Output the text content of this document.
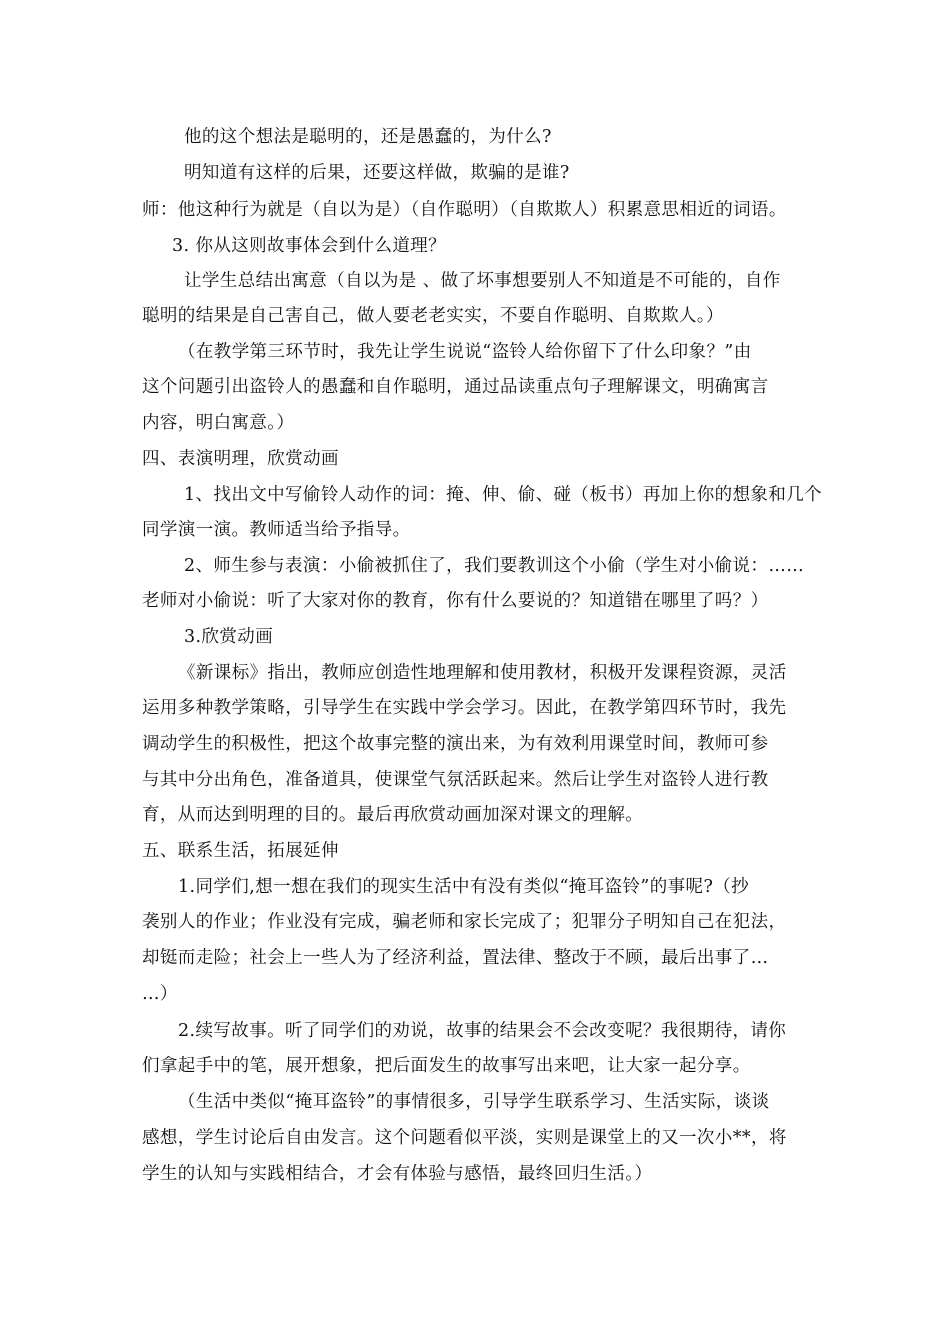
他的这个想法是聪明的，还是愚蠢的，为什么?
明知道有这样的后果，还要这样做，欺骗的是谁?
师：他这种行为就是（自以为是）（自作聪明）（自欺欺人）积累意思相近的词语。
3. 你从这则故事体会到什么道理？
让学生总结出寓意（自以为是 、做了坏事想要别人不知道是不可能的，自作
聪明的结果是自己害自己，做人要老老实实，不要自作聪明、自欺欺人。）
（在教学第三环节时，我先让学生说说“盗铃人给你留下了什么印象？”由
这个问题引出盗铃人的愚蠢和自作聪明，通过品读重点句子理解课文，明确寓言
内容，明白寓意。）
四、表演明理，欣赏动画
1、找出文中写偷铃人动作的词：掩、伸、偷、碰（板书）再加上你的想象和几个
同学演一演。教师适当给予指导。
2、师生参与表演：小偷被抓住了，我们要教训这个小偷（学生对小偷说：……
老师对小偷说：听了大家对你的教育，你有什么要说的？知道错在哪里了吗？）
3.欣赏动画
《新课标》指出，教师应创造性地理解和使用教材，积极开发课程资源，灵活
运用多种教学策略，引导学生在实践中学会学习。因此，在教学第四环节时，我先
调动学生的积极性，把这个故事完整的演出来，为有效利用课堂时间，教师可参
与其中分出角色，准备道具，使课堂气氛活跃起来。然后让学生对盗铃人进行教
育，从而达到明理的目的。最后再欣赏动画加深对课文的理解。
五、联系生活，拓展延伸
1.同学们,想一想在我们的现实生活中有没有类似“掩耳盗铃”的事呢?（抄
袭别人的作业；作业没有完成，骗老师和家长完成了；犯罪分子明知自己在犯法，
却铤而走险；社会上一些人为了经济利益，置法律、整改于不顾，最后出事了…
…）
2.续写故事。听了同学们的劝说，故事的结果会不会改变呢？我很期待，请你
们拿起手中的笔，展开想象，把后面发生的故事写出来吧，让大家一起分享。
（生活中类似“掩耳盗铃”的事情很多，引导学生联系学习、生活实际，谈谈
感想，学生讨论后自由发言。这个问题看似平淡，实则是课堂上的又一次小**，将
学生的认知与实践相结合，才会有体验与感悟，最终回归生活。）
